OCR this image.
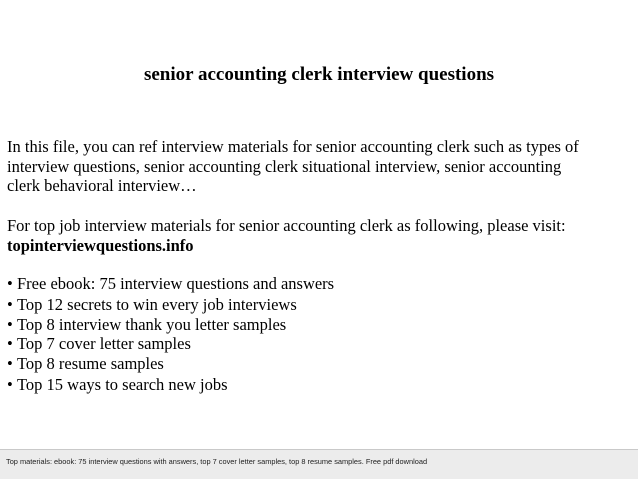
senior accounting clerk interview questions
In this file, you can ref interview materials for senior accounting clerk such as types of
interview questions, senior accounting clerk situational interview, senior accounting
clerk behavioral interview…
For top job interview materials for senior accounting clerk as following, please visit:
topinterviewquestions.info
• Free ebook: 75 interview questions and answers
• Top 12 secrets to win every job interviews
• Top 8 interview thank you letter samples
• Top 7 cover letter samples
• Top 8 resume samples
• Top 15 ways to search new jobs
Top materials: ebook: 75 interview questions with answers, top 7 cover letter samples, top 8 resume samples. Free pdf download
